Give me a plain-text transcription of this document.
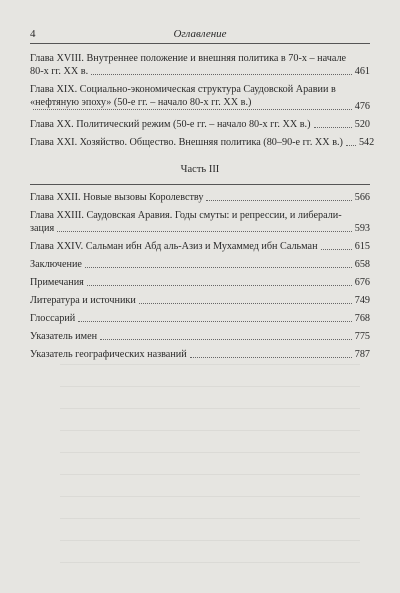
4	Оглавление
Глава XVIII. Внутреннее положение и внешняя политика в 70-х – начале
80-х гг. XX в.	461
Глава XIX. Социально-экономическая структура Саудовской Аравии в «нефтяную эпоху» (50-е гг. – начало 80-х гг. XX в.)	476
Глава XX. Политический режим (50-е гг. – начало 80-х гг. XX в.)	520
Глава XXI. Хозяйство. Общество. Внешняя политика (80–90-е гг. XX в.) 542
Часть III
Глава XXII. Новые вызовы Королевству	566
Глава XXIII. Саудовская Аравия. Годы смуты: и репрессии, и либерали-
зация	593
Глава XXIV. Сальман ибн Абд аль-Азиз и Мухаммед ибн Сальман	615
Заключение	658
Примечания	676
Литература и источники	749
Глоссарий	768
Указатель имен	775
Указатель географических названий	787
